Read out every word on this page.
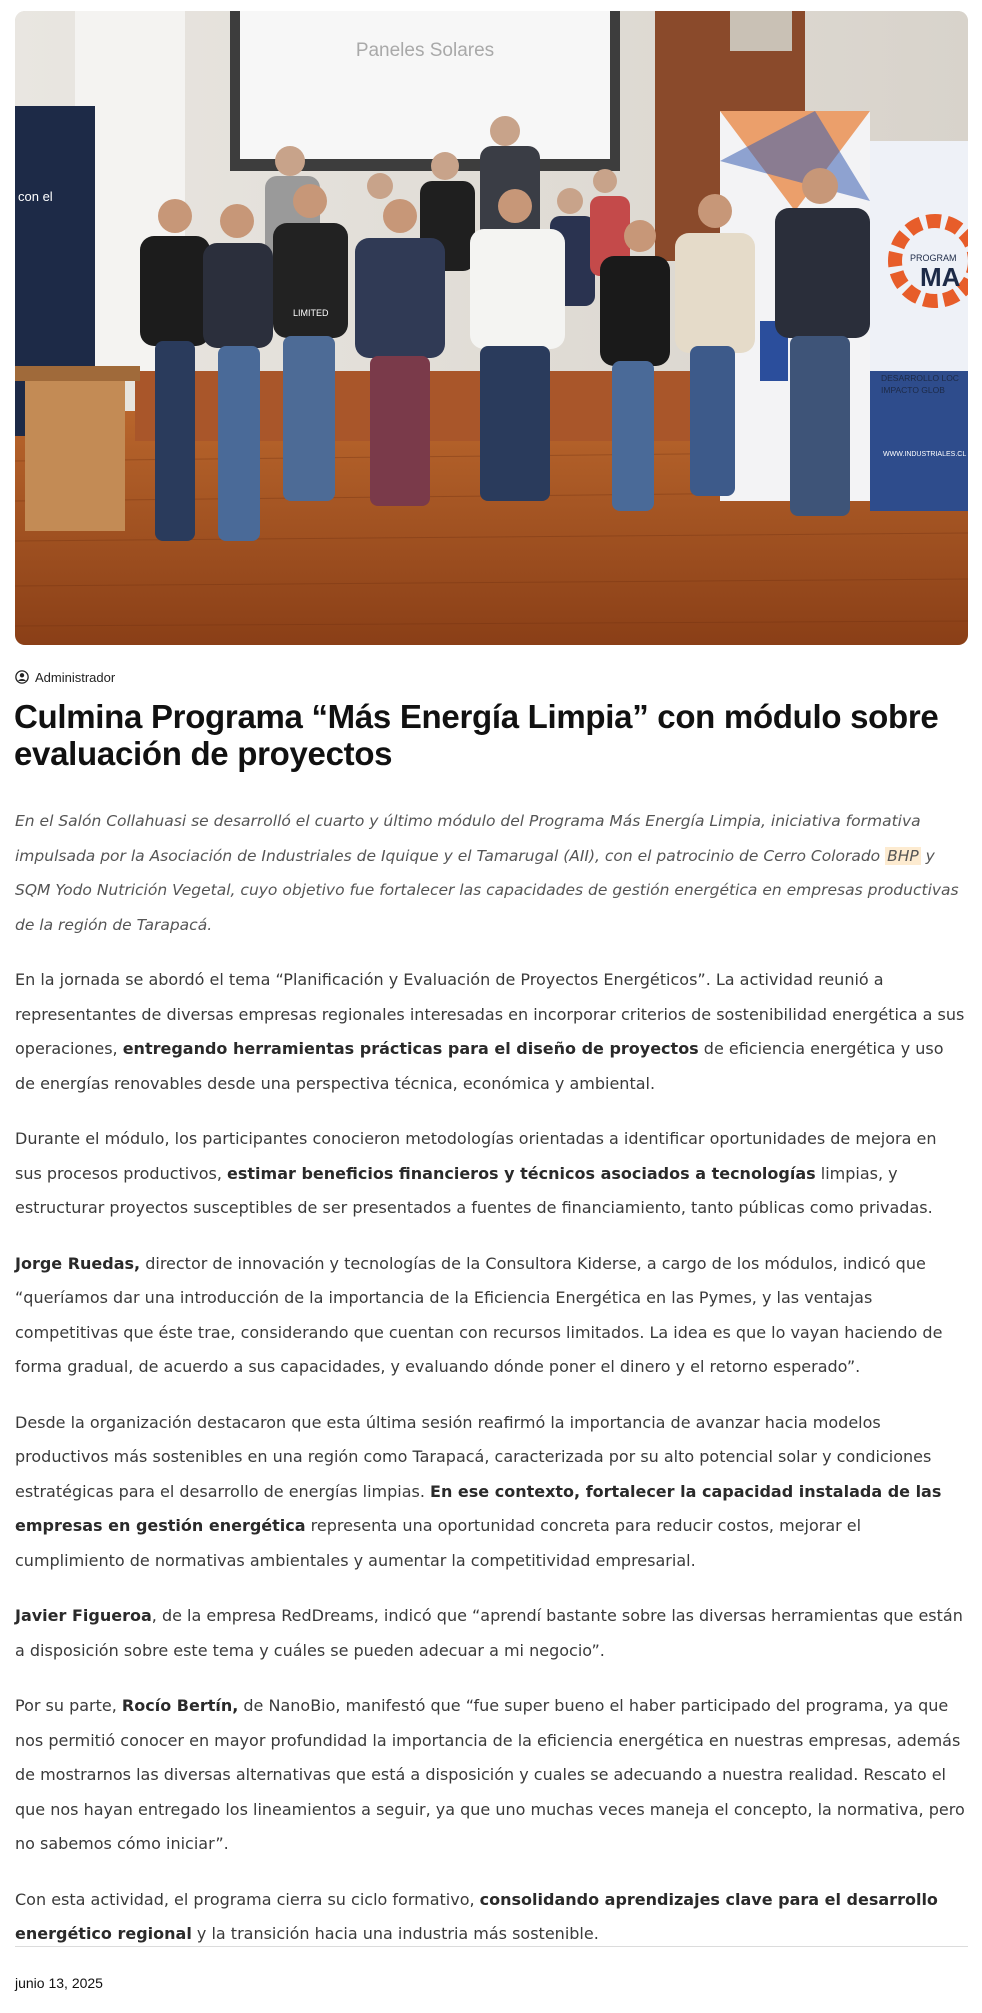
Paneles Solares
con el
PROGRAM
MA
DESARROLLO LOC
IMPACTO GLOB
WWW.INDUSTRIALES.CL
LIMITED
Administrador
Culmina Programa “Más Energía Limpia” con módulo sobre evaluación de proyectos

En el Salón Collahuasi se desarrolló el cuarto y último módulo del Programa Más Energía Limpia, iniciativa formativa impulsada por la Asociación de Industriales de Iquique y el Tamarugal (AII), con el patrocinio de Cerro Colorado BHP y SQM Yodo Nutrición Vegetal, cuyo objetivo fue fortalecer las capacidades de gestión energética en empresas productivas de la región de Tarapacá.

En la jornada se abordó el tema “Planificación y Evaluación de Proyectos Energéticos”. La actividad reunió a representantes de diversas empresas regionales interesadas en incorporar criterios de sostenibilidad energética a sus operaciones, entregando herramientas prácticas para el diseño de proyectos de eficiencia energética y uso de energías renovables desde una perspectiva técnica, económica y ambiental.

Durante el módulo, los participantes conocieron metodologías orientadas a identificar oportunidades de mejora en sus procesos productivos, estimar beneficios financieros y técnicos asociados a tecnologías limpias, y estructurar proyectos susceptibles de ser presentados a fuentes de financiamiento, tanto públicas como privadas.

Jorge Ruedas, director de innovación y tecnologías de la Consultora Kiderse, a cargo de los módulos, indicó que “queríamos dar una introducción de la importancia de la Eficiencia Energética en las Pymes, y las ventajas competitivas que éste trae, considerando que cuentan con recursos limitados. La idea es que lo vayan haciendo de forma gradual, de acuerdo a sus capacidades, y evaluando dónde poner el dinero y el retorno esperado”.

Desde la organización destacaron que esta última sesión reafirmó la importancia de avanzar hacia modelos productivos más sostenibles en una región como Tarapacá, caracterizada por su alto potencial solar y condiciones estratégicas para el desarrollo de energías limpias. En ese contexto, fortalecer la capacidad instalada de las empresas en gestión energética representa una oportunidad concreta para reducir costos, mejorar el cumplimiento de normativas ambientales y aumentar la competitividad empresarial.

Javier Figueroa, de la empresa RedDreams, indicó que “aprendí bastante sobre las diversas herramientas que están a disposición sobre este tema y cuáles se pueden adecuar a mi negocio”.

Por su parte, Rocío Bertín, de NanoBio, manifestó que “fue super bueno el haber participado del programa, ya que nos permitió conocer en mayor profundidad la importancia de la eficiencia energética en nuestras empresas, además de mostrarnos las diversas alternativas que está a disposición y cuales se adecuando a nuestra realidad. Rescato el que nos hayan entregado los lineamientos a seguir, ya que uno muchas veces maneja el concepto, la normativa, pero no sabemos cómo iniciar”.

Con esta actividad, el programa cierra su ciclo formativo, consolidando aprendizajes clave para el desarrollo energético regional y la transición hacia una industria más sostenible.

junio 13, 2025
